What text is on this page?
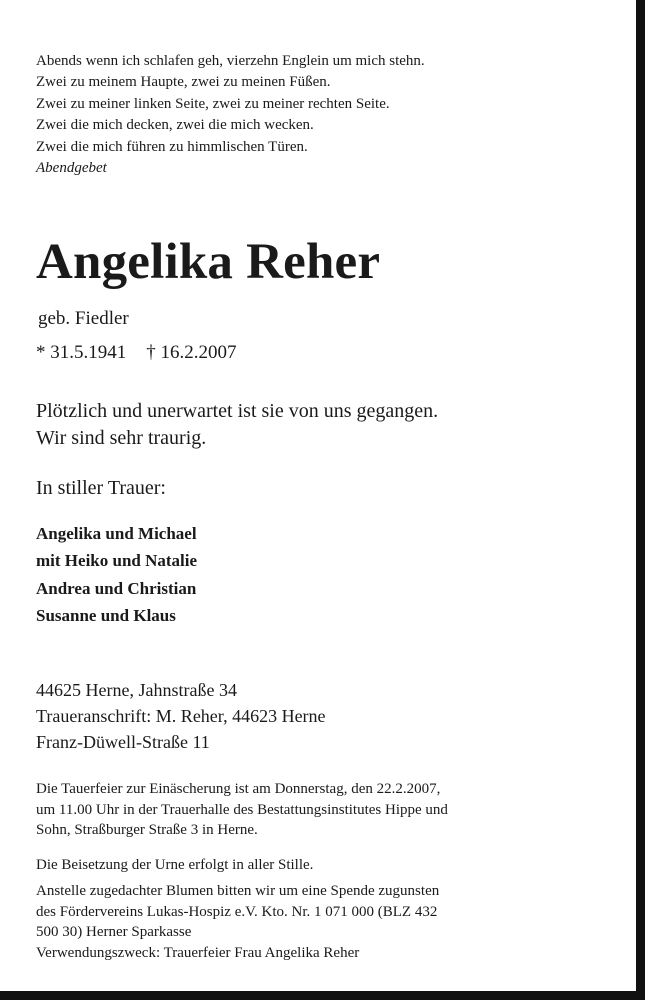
Abends wenn ich schlafen geh, vierzehn Englein um mich stehn.
Zwei zu meinem Haupte, zwei zu meinen Füßen.
Zwei zu meiner linken Seite, zwei zu meiner rechten Seite.
Zwei die mich decken, zwei die mich wecken.
Zwei die mich führen zu himmlischen Türen.
Abendgebet
Angelika Reher
geb. Fiedler
* 31.5.1941 † 16.2.2007
Plötzlich und unerwartet ist sie von uns gegangen.
Wir sind sehr traurig.
In stiller Trauer:
Angelika und Michael
mit Heiko und Natalie
Andrea und Christian
Susanne und Klaus
44625 Herne, Jahnstraße 34
Traueranschrift: M. Reher, 44623 Herne
Franz-Düwell-Straße 11
Die Tauerfeier zur Einäscherung ist am Donnerstag, den 22.2.2007,
um 11.00 Uhr in der Trauerhalle des Bestattungsinstitutes Hippe und
Sohn, Straßburger Straße 3 in Herne.
Die Beisetzung der Urne erfolgt in aller Stille.
Anstelle zugedachter Blumen bitten wir um eine Spende zugunsten
des Fördervereins Lukas-Hospiz e.V. Kto. Nr. 1 071 000 (BLZ 432
500 30) Herner Sparkasse
Verwendungszweck: Trauerfeier Frau Angelika Reher
